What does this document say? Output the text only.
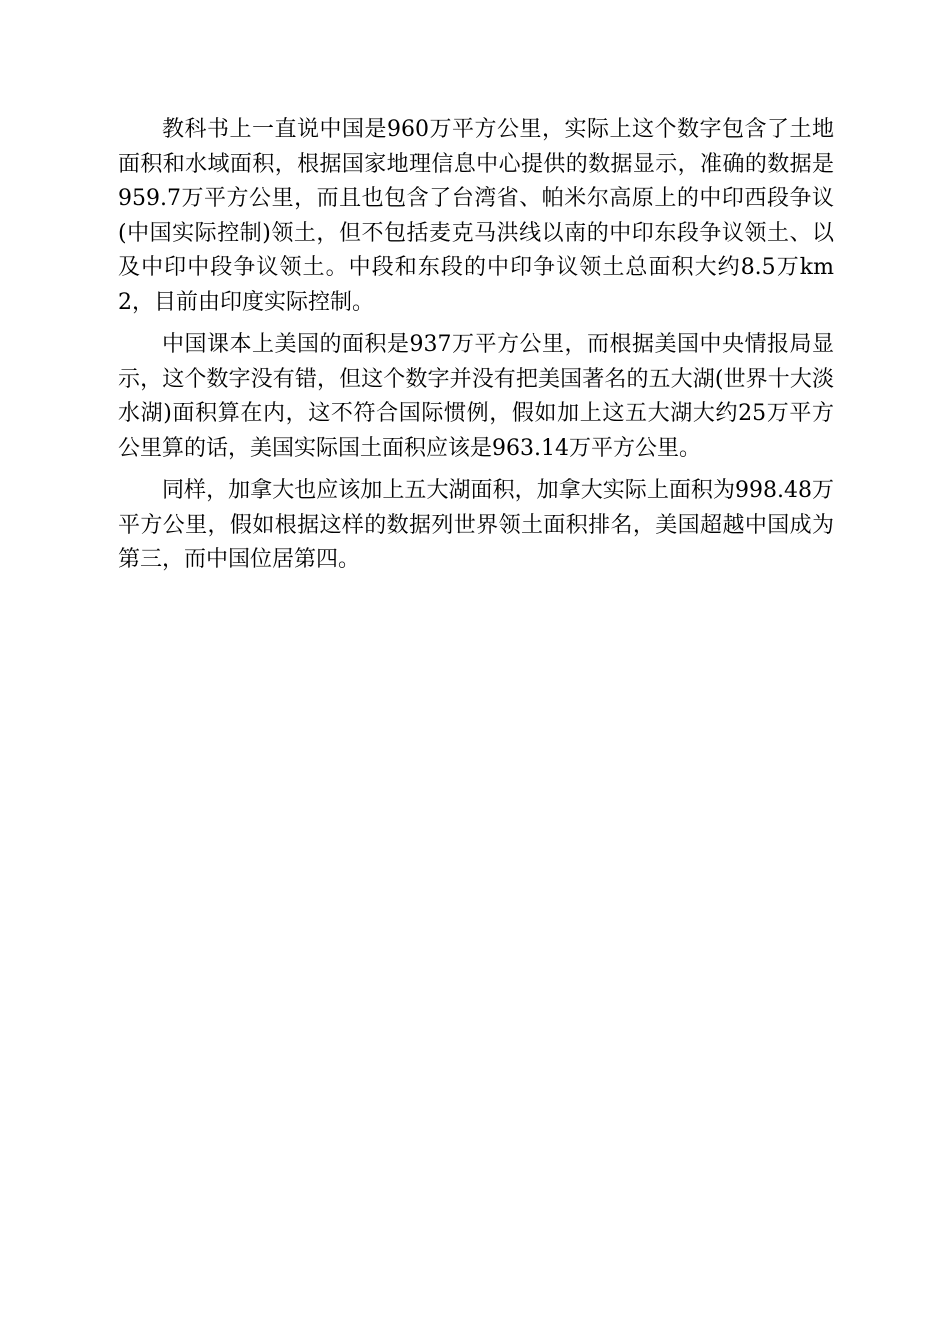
教科书上一直说中国是960万平方公里，实际上这个数字包含了土地面积和水域面积，根据国家地理信息中心提供的数据显示，准确的数据是959.7万平方公里，而且也包含了台湾省、帕米尔高原上的中印西段争议(中国实际控制)领土，但不包括麦克马洪线以南的中印东段争议领土、以及中印中段争议领土。中段和东段的中印争议领土总面积大约8.5万km2，目前由印度实际控制。

中国课本上美国的面积是937万平方公里，而根据美国中央情报局显示，这个数字没有错，但这个数字并没有把美国著名的五大湖(世界十大淡水湖)面积算在内，这不符合国际惯例，假如加上这五大湖大约25万平方公里算的话，美国实际国土面积应该是963.14万平方公里。

同样，加拿大也应该加上五大湖面积，加拿大实际上面积为998.48万平方公里，假如根据这样的数据列世界领土面积排名，美国超越中国成为第三，而中国位居第四。
